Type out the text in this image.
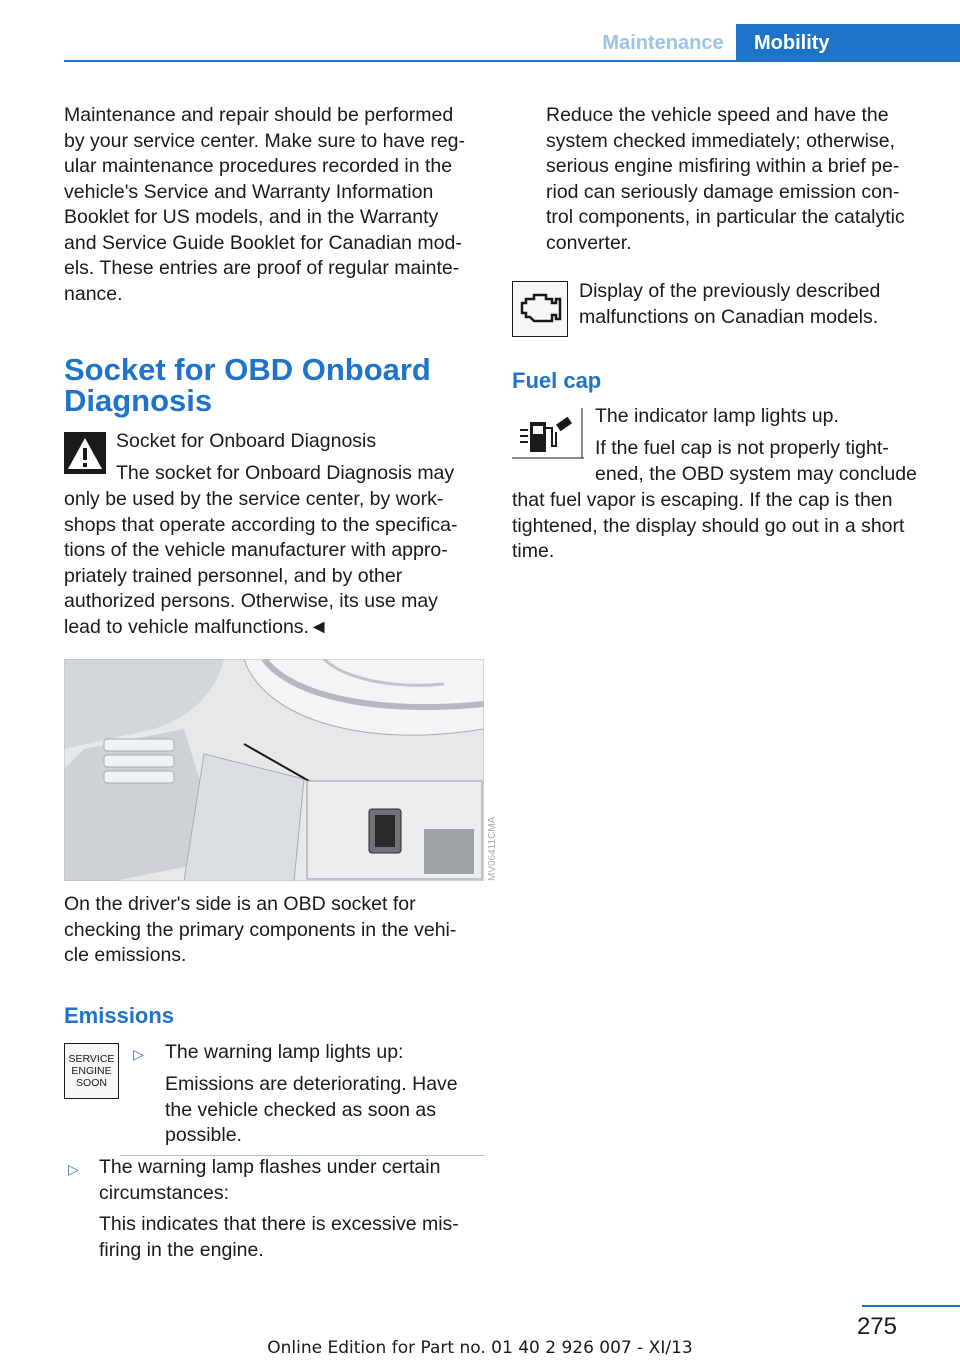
Maintenance	Mobility

Maintenance and repair should be performed
by your service center. Make sure to have reg-
ular maintenance procedures recorded in the
vehicle's Service and Warranty Information
Booklet for US models, and in the Warranty
and Service Guide Booklet for Canadian mod-
els. These entries are proof of regular mainte-
nance.

Socket for OBD Onboard
Diagnosis

Socket for Onboard Diagnosis

The socket for Onboard Diagnosis may

only be used by the service center, by work-
shops that operate according to the specifica-
tions of the vehicle manufacturer with appro-
priately trained personnel, and by other
authorized persons. Otherwise, its use may
lead to vehicle malfunctions.◄

MV06411CMA

On the driver's side is an OBD socket for
checking the primary components in the vehi-
cle emissions.

Emissions
SERVICE
ENGINE
SOON
▷ The warning lamp lights up:

Emissions are deteriorating. Have
the vehicle checked as soon as
possible.

▷ The warning lamp flashes under certain
circumstances:

This indicates that there is excessive mis-
firing in the engine.

Reduce the vehicle speed and have the
system checked immediately; otherwise,
serious engine misfiring within a brief pe-
riod can seriously damage emission con-
trol components, in particular the catalytic
converter.

Display of the previously described
malfunctions on Canadian models.

Fuel cap

The indicator lamp lights up.

If the fuel cap is not properly tight-

ened, the OBD system may conclude

that fuel vapor is escaping. If the cap is then
tightened, the display should go out in a short
time.

275
Online Edition for Part no. 01 40 2 926 007 - XI/13
